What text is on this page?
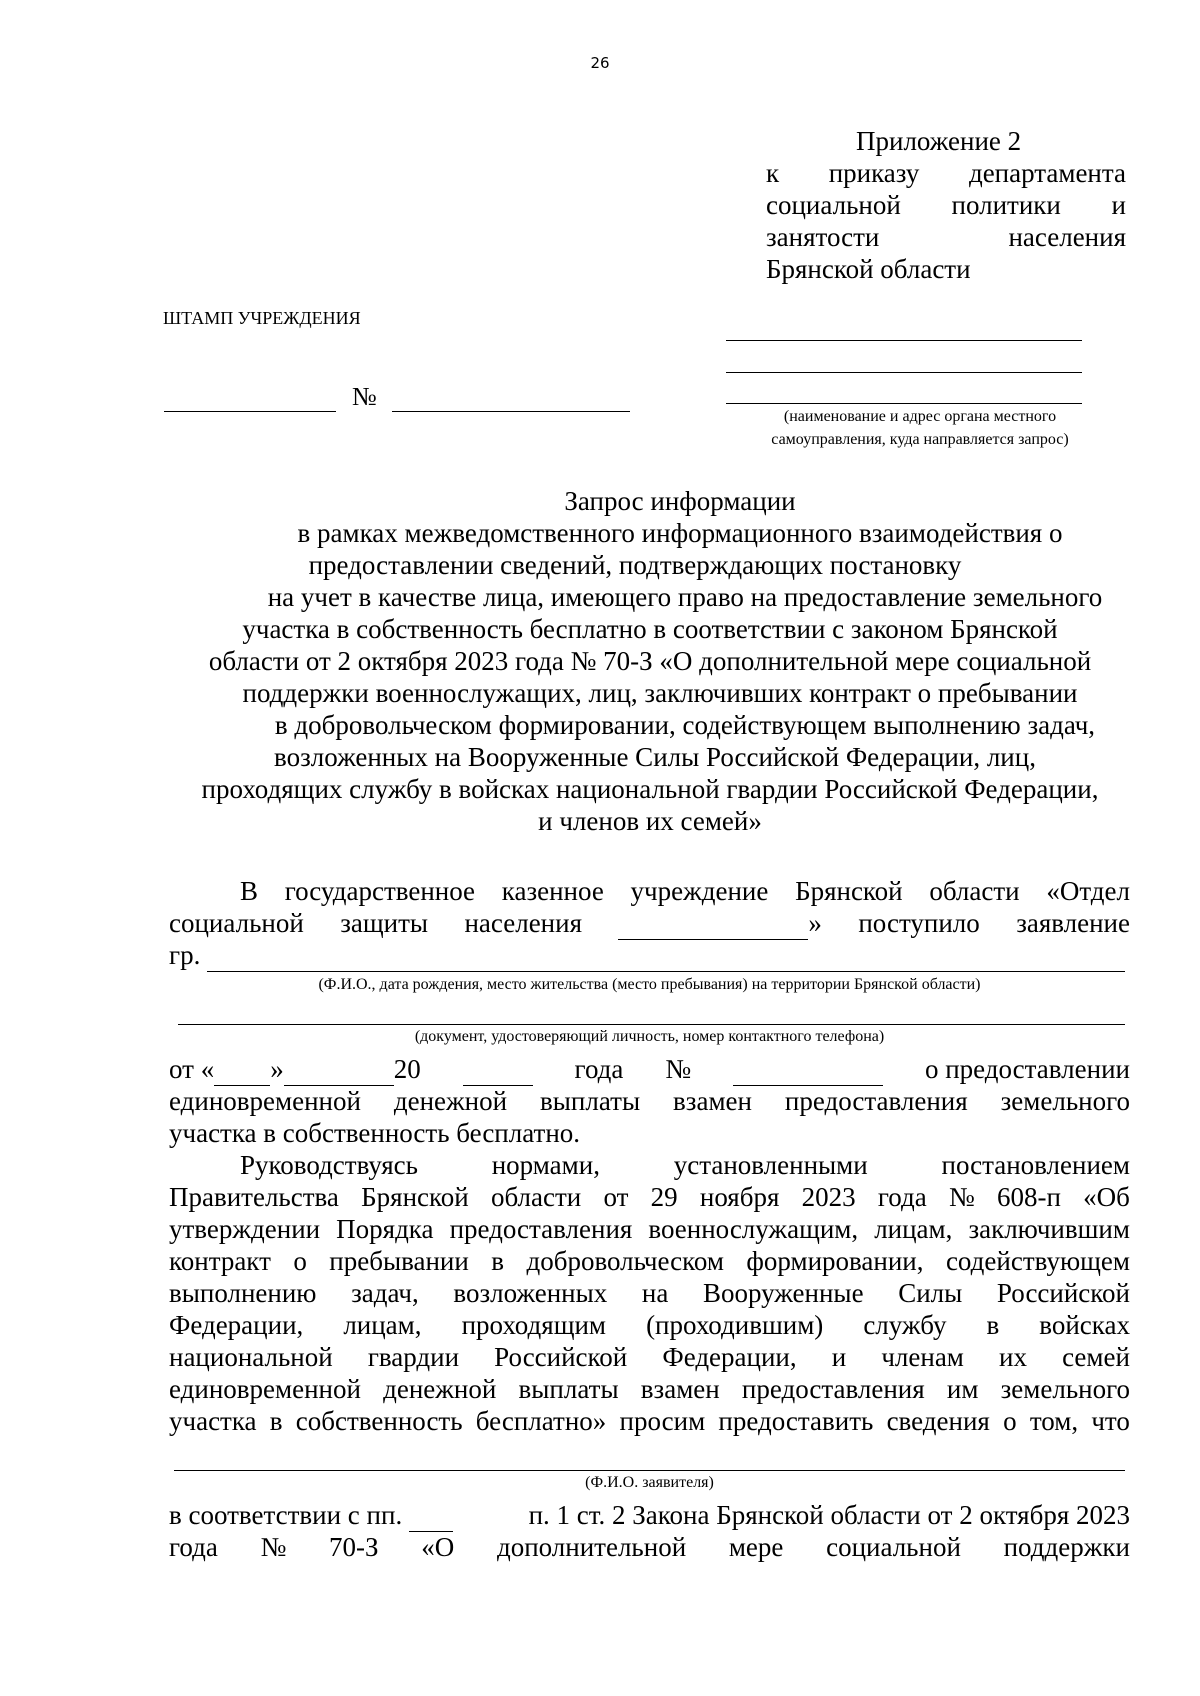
26
Приложение 2
к приказу департамента
социальной политики и
занятости	населения
Брянской области
ШТАМП УЧРЕЖДЕНИЯ
№
(наименование и адрес органа местного
самоуправления, куда направляется запрос)
Запрос информации
в рамках межведомственного информационного взаимодействия о
предоставлении сведений, подтверждающих постановку
на учет в качестве лица, имеющего право на предоставление земельного
участка в собственность бесплатно в соответствии с законом Брянской
области от 2 октября 2023 года № 70-З «О дополнительной мере социальной
поддержки военнослужащих, лиц, заключивших контракт о пребывании
в добровольческом формировании, содействующем выполнению задач,
возложенных на Вооруженные Силы Российской Федерации, лиц,
проходящих службу в войсках национальной гвардии Российской Федерации,
и членов их семей»
В государственное казенное учреждение Брянской области «Отдел
социальной защиты населения	» поступило заявление
гр.
(Ф.И.О., дата рождения, место жительства (место пребывания) на территории Брянской области)
(документ, удостоверяющий личность, номер контактного телефона)
от « »	20
	года №
	о предоставлении
единовременной денежной выплаты взамен предоставления земельного
участка в собственность бесплатно.
Руководствуясь	нормами,	установленными	постановлением
Правительства Брянской области от 29 ноября 2023 года № 608-п «Об
утверждении Порядка предоставления военнослужащим, лицам, заключившим
контракт о пребывании в добровольческом формировании, содействующем
выполнению задач, возложенных на Вооруженные Силы Российской
Федерации, лицам, проходящим (проходившим) службу в войсках
национальной гвардии Российской Федерации, и членам их семей
единовременной денежной выплаты взамен предоставления им земельного
участка в собственность бесплатно» просим предоставить сведения о том, что
(Ф.И.О. заявителя)
в соответствии с пп.	п. 1 ст. 2 Закона Брянской области от 2 октября 2023
года № 70-З «О дополнительной мере социальной поддержки
